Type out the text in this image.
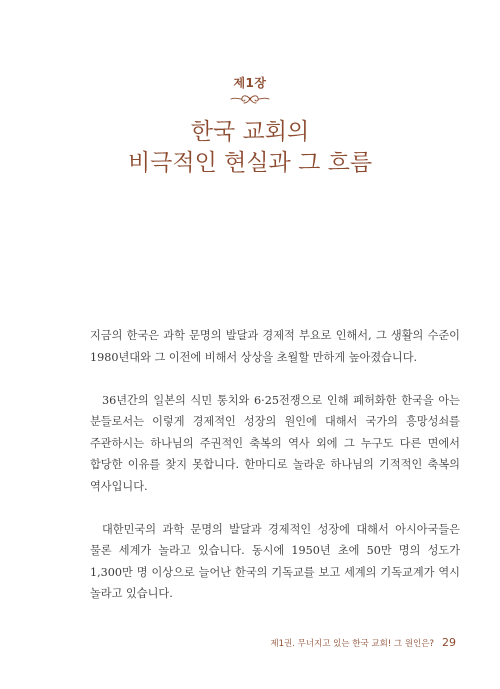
제1장
한국 교회의
비극적인 현실과 그 흐름

지금의 한국은 과학 문명의 발달과 경제적 부요로 인해서, 그 생활의 수준이 1980년대와 그 이전에 비해서 상상을 초월할 만하게 높아졌습니다.

36년간의 일본의 식민 통치와 6·25전쟁으로 인해 폐허화한 한국을 아는 분들로서는 이렇게 경제적인 성장의 원인에 대해서 국가의 흥망성쇠를 주관하시는 하나님의 주권적인 축복의 역사 외에 그 누구도 다른 면에서 합당한 이유를 찾지 못합니다. 한마디로 놀라운 하나님의 기적적인 축복의 역사입니다.

대한민국의 과학 문명의 발달과 경제적인 성장에 대해서 아시아국들은 물론 세계가 놀라고 있습니다. 동시에 1950년 초에 50만 명의 성도가 1,300만 명 이상으로 늘어난 한국의 기독교를 보고 세계의 기독교계가 역시 놀라고 있습니다.

제1권. 무너지고 있는 한국 교회! 그 원인은? 29
